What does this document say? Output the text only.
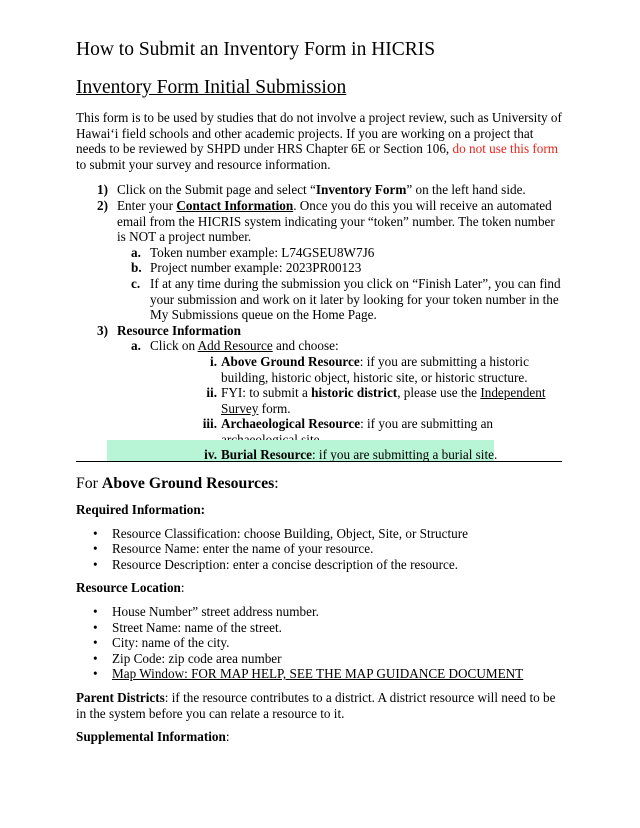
How to Submit an Inventory Form in HICRIS
Inventory Form Initial Submission

This form is to be used by studies that do not involve a project review, such as University of Hawai‘i field schools and other academic projects. If you are working on a project that needs to be reviewed by SHPD under HRS Chapter 6E or Section 106, do not use this form to submit your survey and resource information.

1) Click on the Submit page and select “Inventory Form” on the left hand side.
2) Enter your Contact Information. Once you do this you will receive an automated email from the HICRIS system indicating your “token” number. The token number is NOT a project number.
a. Token number example: L74GSEU8W7J6
b. Project number example: 2023PR00123
c. If at any time during the submission you click on “Finish Later”, you can find your submission and work on it later by looking for your token number in the My Submissions queue on the Home Page.
3) Resource Information
a. Click on Add Resource and choose:
i. Above Ground Resource: if you are submitting a historic building, historic object, historic site, or historic structure.
ii. FYI: to submit a historic district, please use the Independent Survey form.
iii. Archaeological Resource: if you are submitting an
iv. Burial Resource: if you are submitting a burial site.
For Above Ground Resources:
Required Information:
• Resource Classification: choose Building, Object, Site, or Structure
• Resource Name: enter the name of your resource.
• Resource Description: enter a concise description of the resource.

Resource Location:

• House Number” street address number.
• Street Name: name of the street.
• City: name of the city.
• Zip Code: zip code area number
• Map Window: FOR MAP HELP, SEE THE MAP GUIDANCE DOCUMENT

Parent Districts: if the resource contributes to a district. A district resource will need to be in the system before you can relate a resource to it.

Supplemental Information:
